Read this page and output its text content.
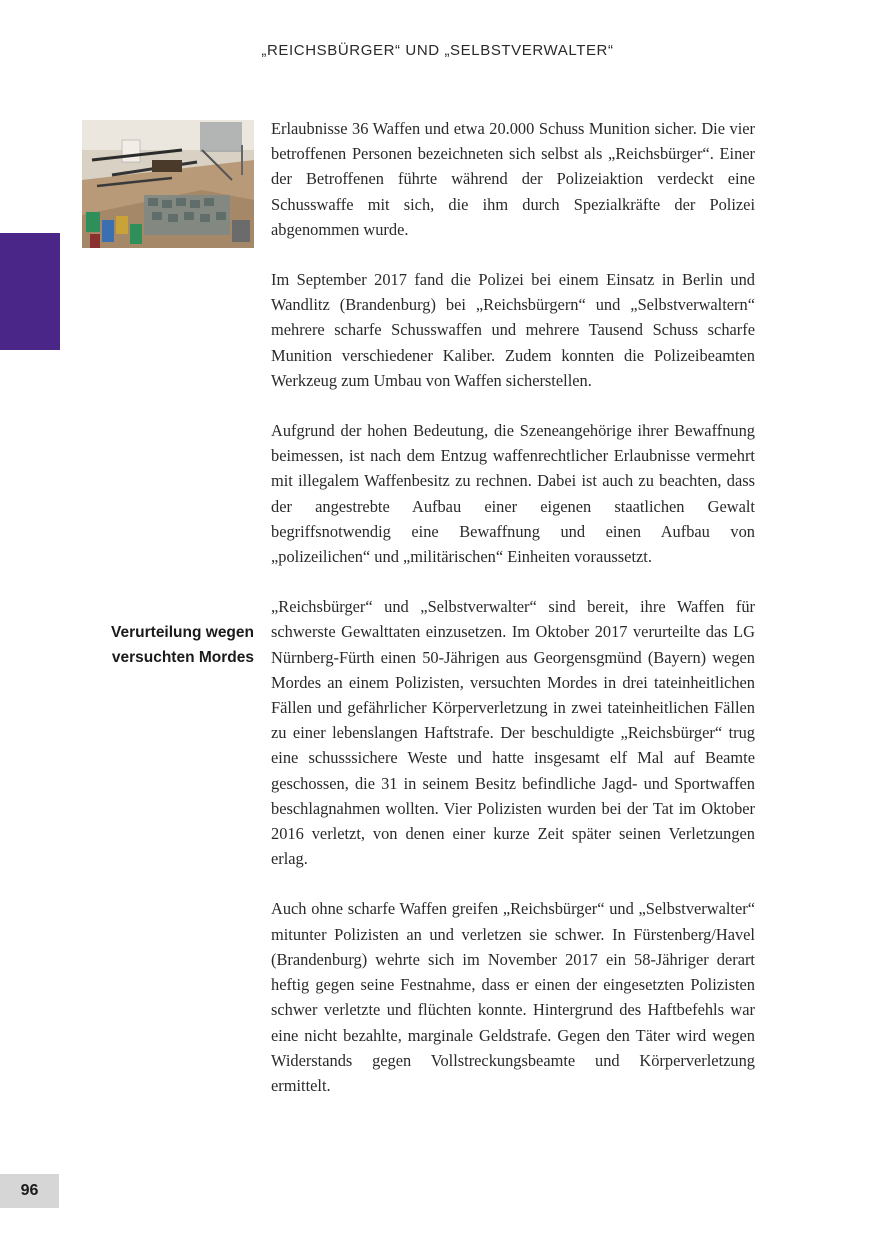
„REICHSBÜRGER“ UND „SELBSTVERWALTER“

Erlaubnisse 36 Waffen und etwa 20.000 Schuss Munition sicher. Die vier betroffenen Personen bezeichneten sich selbst als „Reichsbürger“. Einer der Betroffenen führte während der Polizeiaktion verdeckt eine Schusswaffe mit sich, die ihm durch Spezialkräfte der Polizei abgenommen wurde.

Im September 2017 fand die Polizei bei einem Einsatz in Berlin und Wandlitz (Brandenburg) bei „Reichsbürgern“ und „Selbstverwaltern“ mehrere scharfe Schusswaffen und mehrere Tausend Schuss scharfe Munition verschiedener Kaliber. Zudem konnten die Polizeibeamten Werkzeug zum Umbau von Waffen sicherstellen.

Aufgrund der hohen Bedeutung, die Szeneangehörige ihrer Bewaffnung beimessen, ist nach dem Entzug waffenrechtlicher Erlaubnisse vermehrt mit illegalem Waffenbesitz zu rechnen. Dabei ist auch zu beachten, dass der angestrebte Aufbau einer eigenen staatlichen Gewalt begriffsnotwendig eine Bewaffnung und einen Aufbau von „polizeilichen“ und „militärischen“ Einheiten voraussetzt.

„Reichsbürger“ und „Selbstverwalter“ sind bereit, ihre Waffen für schwerste Gewalttaten einzusetzen. Im Oktober 2017 verurteilte das LG Nürnberg-Fürth einen 50-Jährigen aus Georgensgmünd (Bayern) wegen Mordes an einem Polizisten, versuchten Mordes in drei tateinheitlichen Fällen und gefährlicher Körperverletzung in zwei tateinheitlichen Fällen zu einer lebenslangen Haftstrafe. Der beschuldigte „Reichsbürger“ trug eine schusssichere Weste und hatte insgesamt elf Mal auf Beamte geschossen, die 31 in seinem Besitz befindliche Jagd- und Sportwaffen beschlagnahmen wollten. Vier Polizisten wurden bei der Tat im Oktober 2016 verletzt, von denen einer kurze Zeit später seinen Verletzungen erlag.

Auch ohne scharfe Waffen greifen „Reichsbürger“ und „Selbstverwalter“ mitunter Polizisten an und verletzen sie schwer. In Fürstenberg/Havel (Brandenburg) wehrte sich im November 2017 ein 58-Jähriger derart heftig gegen seine Festnahme, dass er einen der eingesetzten Polizisten schwer verletzte und flüchten konnte. Hintergrund des Haftbefehls war eine nicht bezahlte, marginale Geldstrafe. Gegen den Täter wird wegen Widerstands gegen Vollstreckungsbeamte und Körperverletzung ermittelt.

Verurteilung wegen
versuchten Mordes
96
